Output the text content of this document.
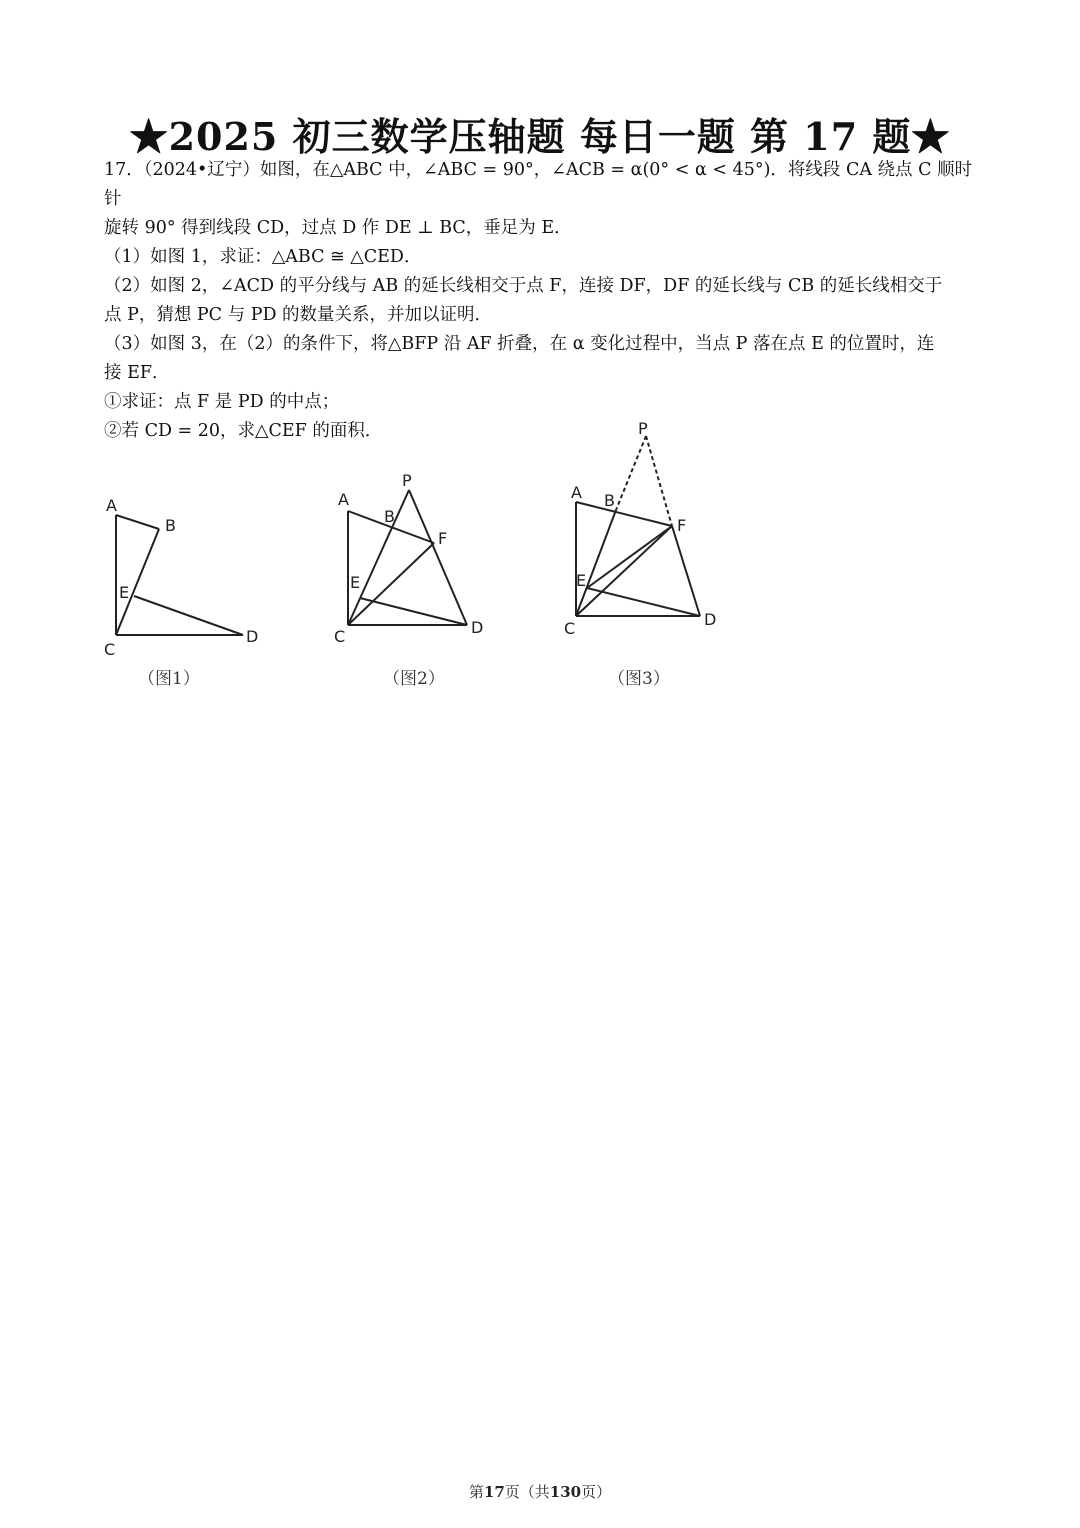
★2025 初三数学压轴题 每日一题 第 17 题★

17．（2024•辽宁）如图，在△ABC 中，∠ABC = 90°，∠ACB = α(0° < α < 45°)．将线段 CA 绕点 C 顺时针

旋转 90° 得到线段 CD，过点 D 作 DE ⊥ BC，垂足为 E．

（1）如图 1，求证：△ABC ≅ △CED．

（2）如图 2，∠ACD 的平分线与 AB 的延长线相交于点 F，连接 DF，DF 的延长线与 CB 的延长线相交于

点 P，猜想 PC 与 PD 的数量关系，并加以证明．

（3）如图 3，在（2）的条件下，将△BFP 沿 AF 折叠，在 α 变化过程中，当点 P 落在点 E 的位置时，连

接 EF．

①求证：点 F 是 PD 的中点；

②若 CD = 20，求△CEF 的面积．

A
B
E
C
D
（图1）
A
B
P
F
E
C	D
（图2）
A B
P
F
E
C	D
（图3）
第17页（共130页）
